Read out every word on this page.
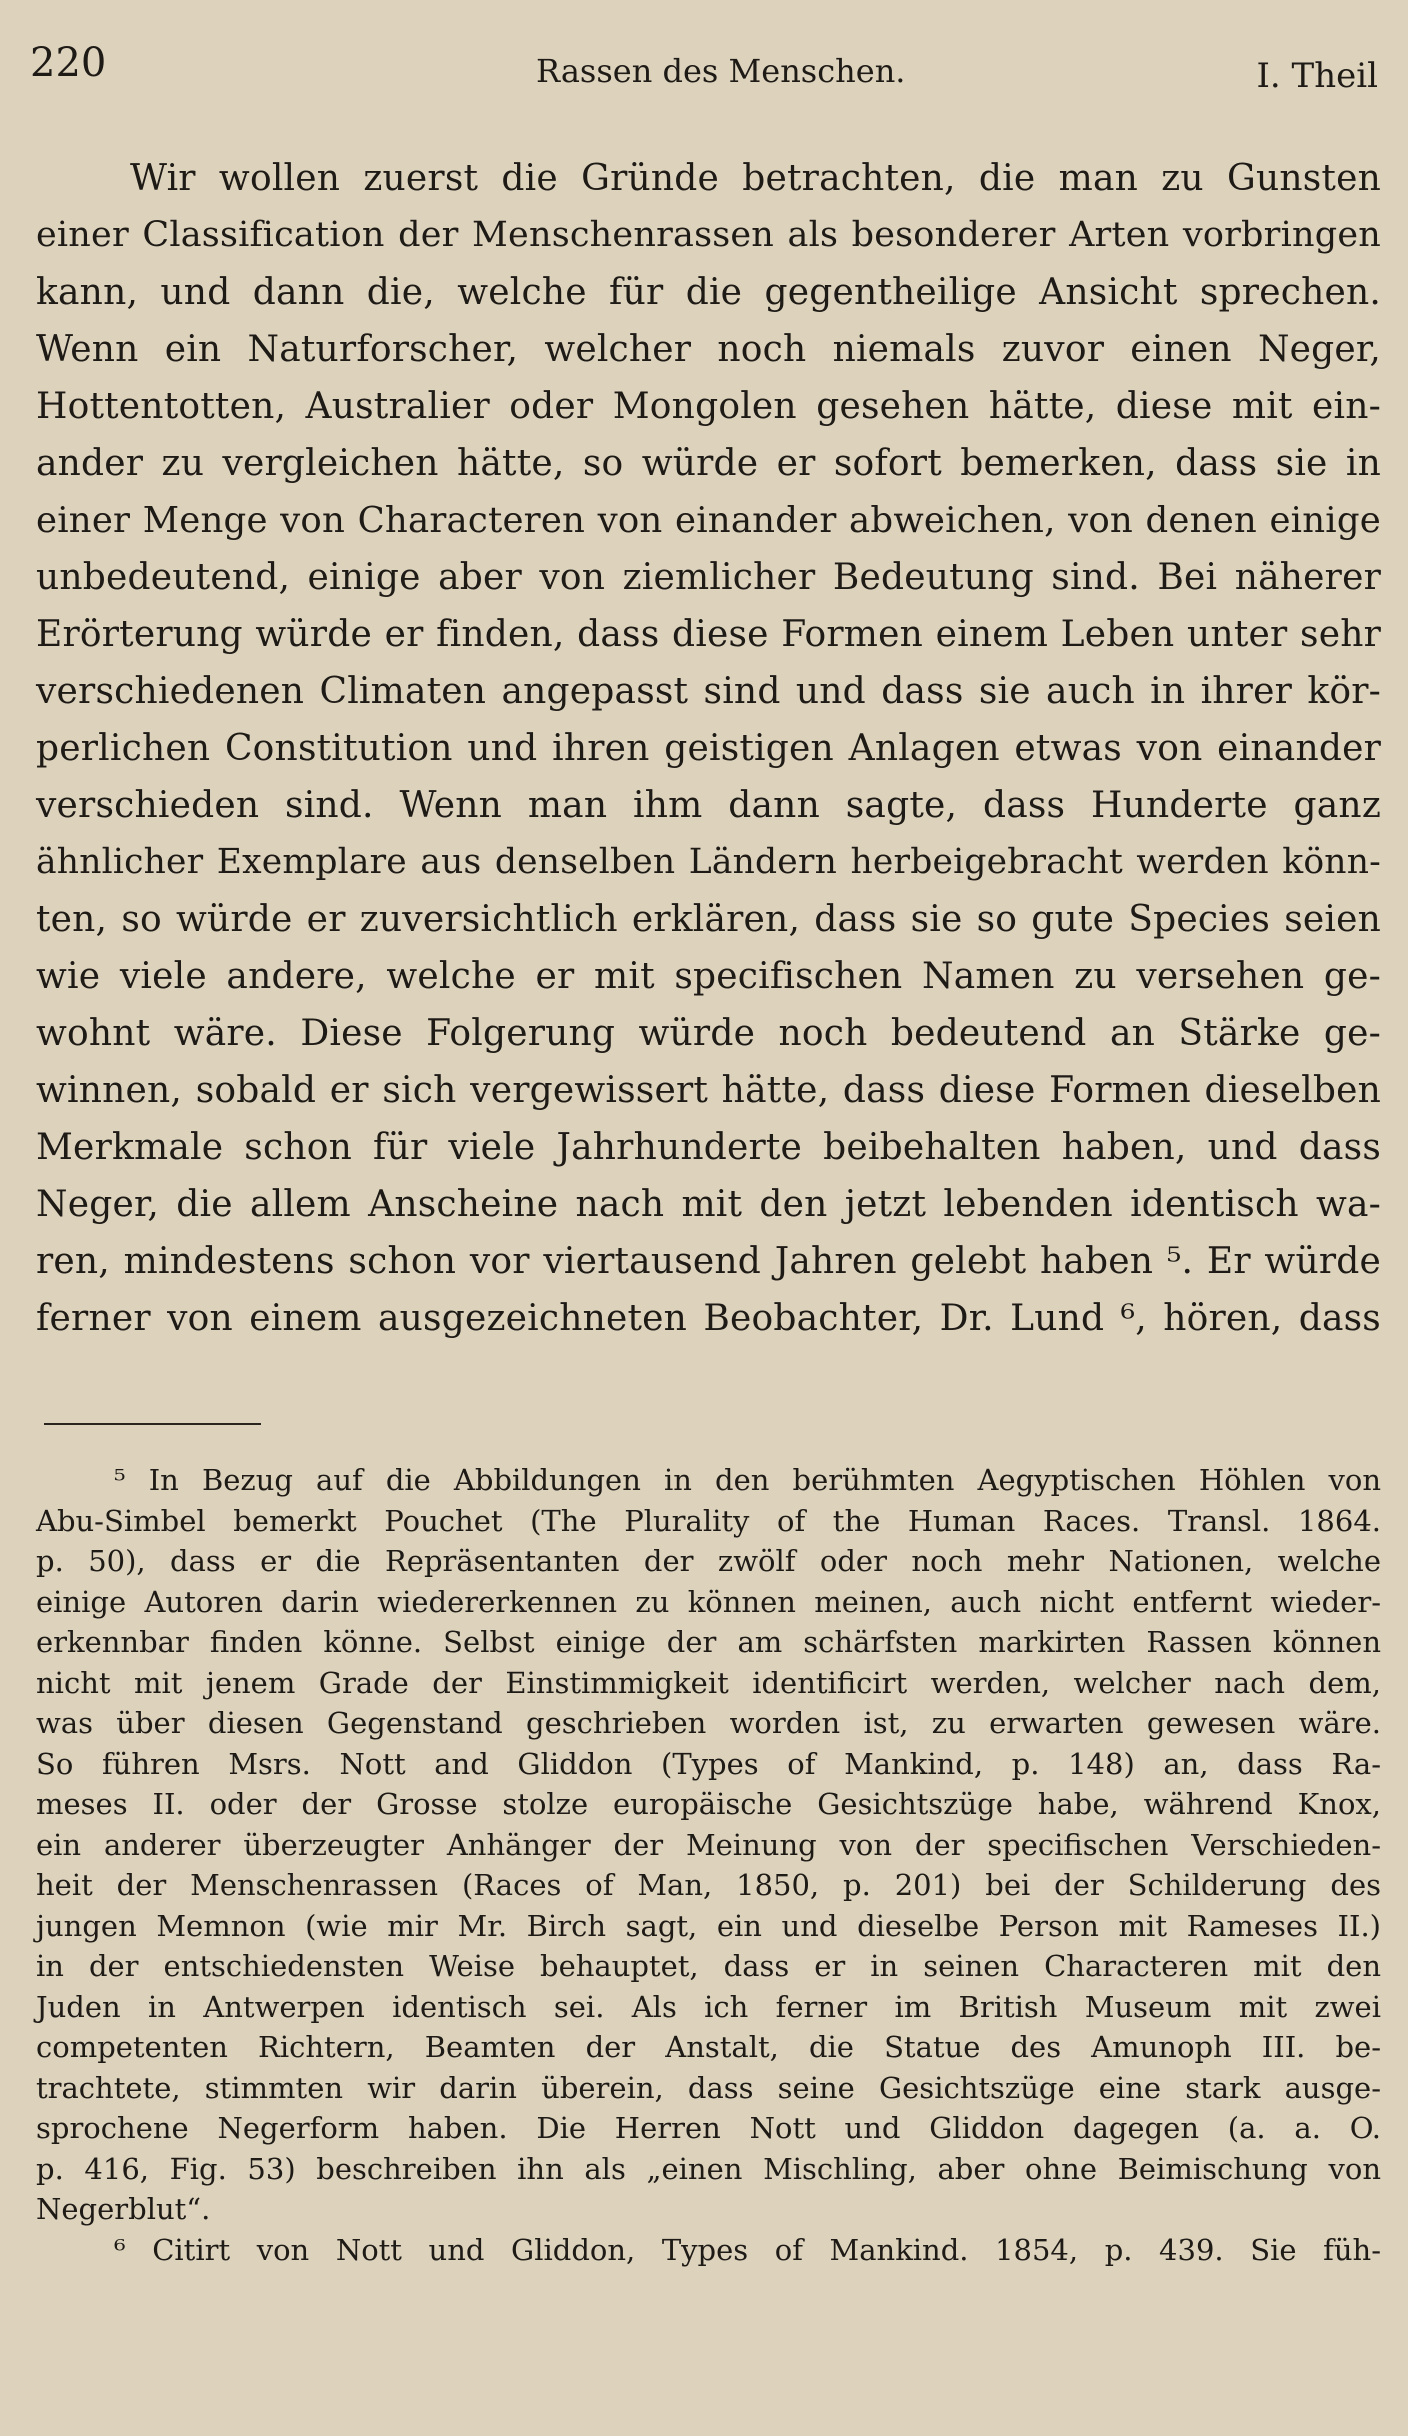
220	Rassen des Menschen.	I. Theil
Wir wollen zuerst die Gründe betrachten, die man zu Gunsten
einer Classification der Menschenrassen als besonderer Arten vorbringen
kann, und dann die, welche für die gegentheilige Ansicht sprechen.
Wenn ein Naturforscher, welcher noch niemals zuvor einen Neger,
Hottentotten, Australier oder Mongolen gesehen hätte, diese mit ein-
ander zu vergleichen hätte, so würde er sofort bemerken, dass sie in
einer Menge von Characteren von einander abweichen, von denen einige
unbedeutend, einige aber von ziemlicher Bedeutung sind. Bei näherer
Erörterung würde er finden, dass diese Formen einem Leben unter sehr
verschiedenen Climaten angepasst sind und dass sie auch in ihrer kör-
perlichen Constitution und ihren geistigen Anlagen etwas von einander
verschieden sind. Wenn man ihm dann sagte, dass Hunderte ganz
ähnlicher Exemplare aus denselben Ländern herbeigebracht werden könn-
ten, so würde er zuversichtlich erklären, dass sie so gute Species seien
wie viele andere, welche er mit specifischen Namen zu versehen ge-
wohnt wäre. Diese Folgerung würde noch bedeutend an Stärke ge-
winnen, sobald er sich vergewissert hätte, dass diese Formen dieselben
Merkmale schon für viele Jahrhunderte beibehalten haben, und dass
Neger, die allem Anscheine nach mit den jetzt lebenden identisch wa-
ren, mindestens schon vor viertausend Jahren gelebt haben ⁵. Er würde
ferner von einem ausgezeichneten Beobachter, Dr. Lund ⁶, hören, dass
⁵ In Bezug auf die Abbildungen in den berühmten Aegyptischen Höhlen von
Abu-Simbel bemerkt Pouchet (The Plurality of the Human Races. Transl. 1864.
p. 50), dass er die Repräsentanten der zwölf oder noch mehr Nationen, welche
einige Autoren darin wiedererkennen zu können meinen, auch nicht entfernt wieder-
erkennbar finden könne. Selbst einige der am schärfsten markirten Rassen können
nicht mit jenem Grade der Einstimmigkeit identificirt werden, welcher nach dem,
was über diesen Gegenstand geschrieben worden ist, zu erwarten gewesen wäre.
So führen Msrs. Nott and Gliddon (Types of Mankind, p. 148) an, dass Ra-
meses II. oder der Grosse stolze europäische Gesichtszüge habe, während Knox,
ein anderer überzeugter Anhänger der Meinung von der specifischen Verschieden-
heit der Menschenrassen (Races of Man, 1850, p. 201) bei der Schilderung des
jungen Memnon (wie mir Mr. Birch sagt, ein und dieselbe Person mit Rameses II.)
in der entschiedensten Weise behauptet, dass er in seinen Characteren mit den
Juden in Antwerpen identisch sei. Als ich ferner im British Museum mit zwei
competenten Richtern, Beamten der Anstalt, die Statue des Amunoph III. be-
trachtete, stimmten wir darin überein, dass seine Gesichtszüge eine stark ausge-
sprochene Negerform haben. Die Herren Nott und Gliddon dagegen (a. a. O.
p. 416, Fig. 53) beschreiben ihn als „einen Mischling, aber ohne Beimischung von
Negerblut“.
⁶ Citirt von Nott und Gliddon, Types of Mankind. 1854, p. 439. Sie füh-
